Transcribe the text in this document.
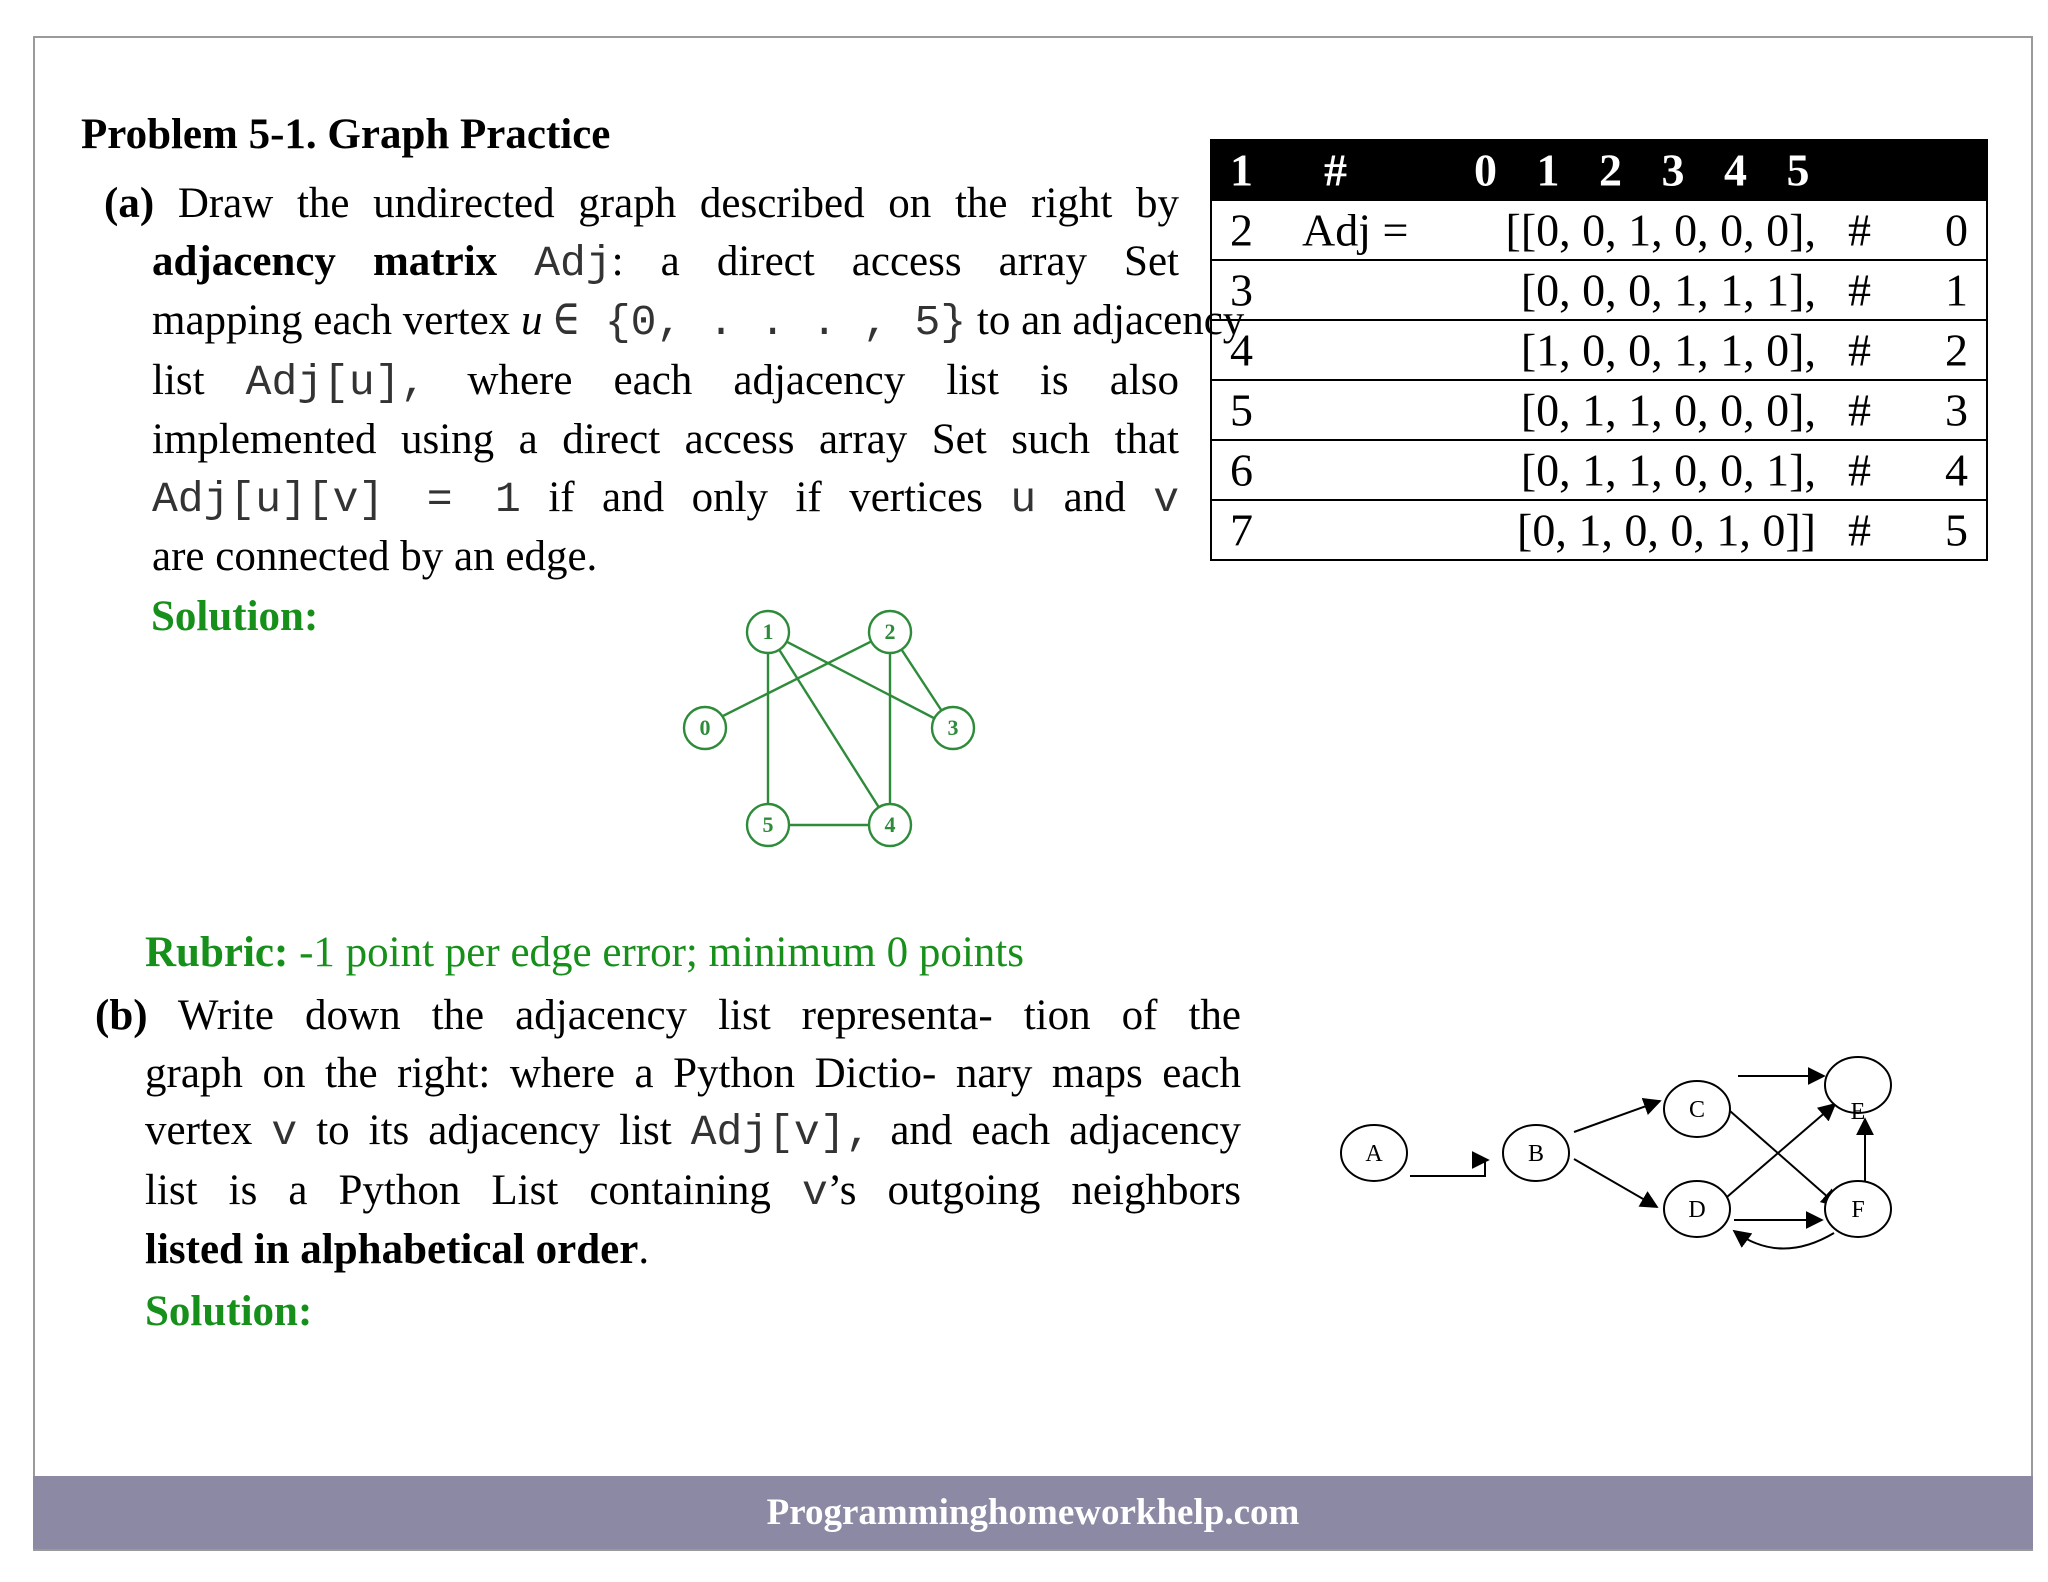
Problem 5-1. Graph Practice
(a) Draw the undirected graph described on the right by
adjacency matrix Adj: a direct access array Set
mapping each vertex u ∈ {0, . . . , 5} to an adjacency
list Adj[u], where each adjacency list is also
implemented using a direct access array Set such that
Adj[u][v] = 1 if and only if vertices u and v
are connected by an edge.
Solution:
0
1	2
3
4
5
Rubric: -1 point per edge error; minimum 0 points
(b) Write down the adjacency list representa- tion of the
graph on the right: where a Python Dictio- nary maps each
vertex v to its adjacency list Adj[v], and each adjacency
list is a Python List containing v’s outgoing neighbors
listed in alphabetical order.
Solution:
1 #	0 1 2 3 4 5
2 Adj = [[0, 0, 1, 0, 0, 0], # 0
3	[0, 0, 0, 1, 1, 1], # 1
4	[1, 0, 0, 1, 1, 0], # 2
5	[0, 1, 1, 0, 0, 0], # 3
6	[0, 1, 1, 0, 0, 1], # 4
7	[0, 1, 0, 0, 1, 0]] # 5
A	B
C
D
E
F
Programminghomeworkhelp.com
